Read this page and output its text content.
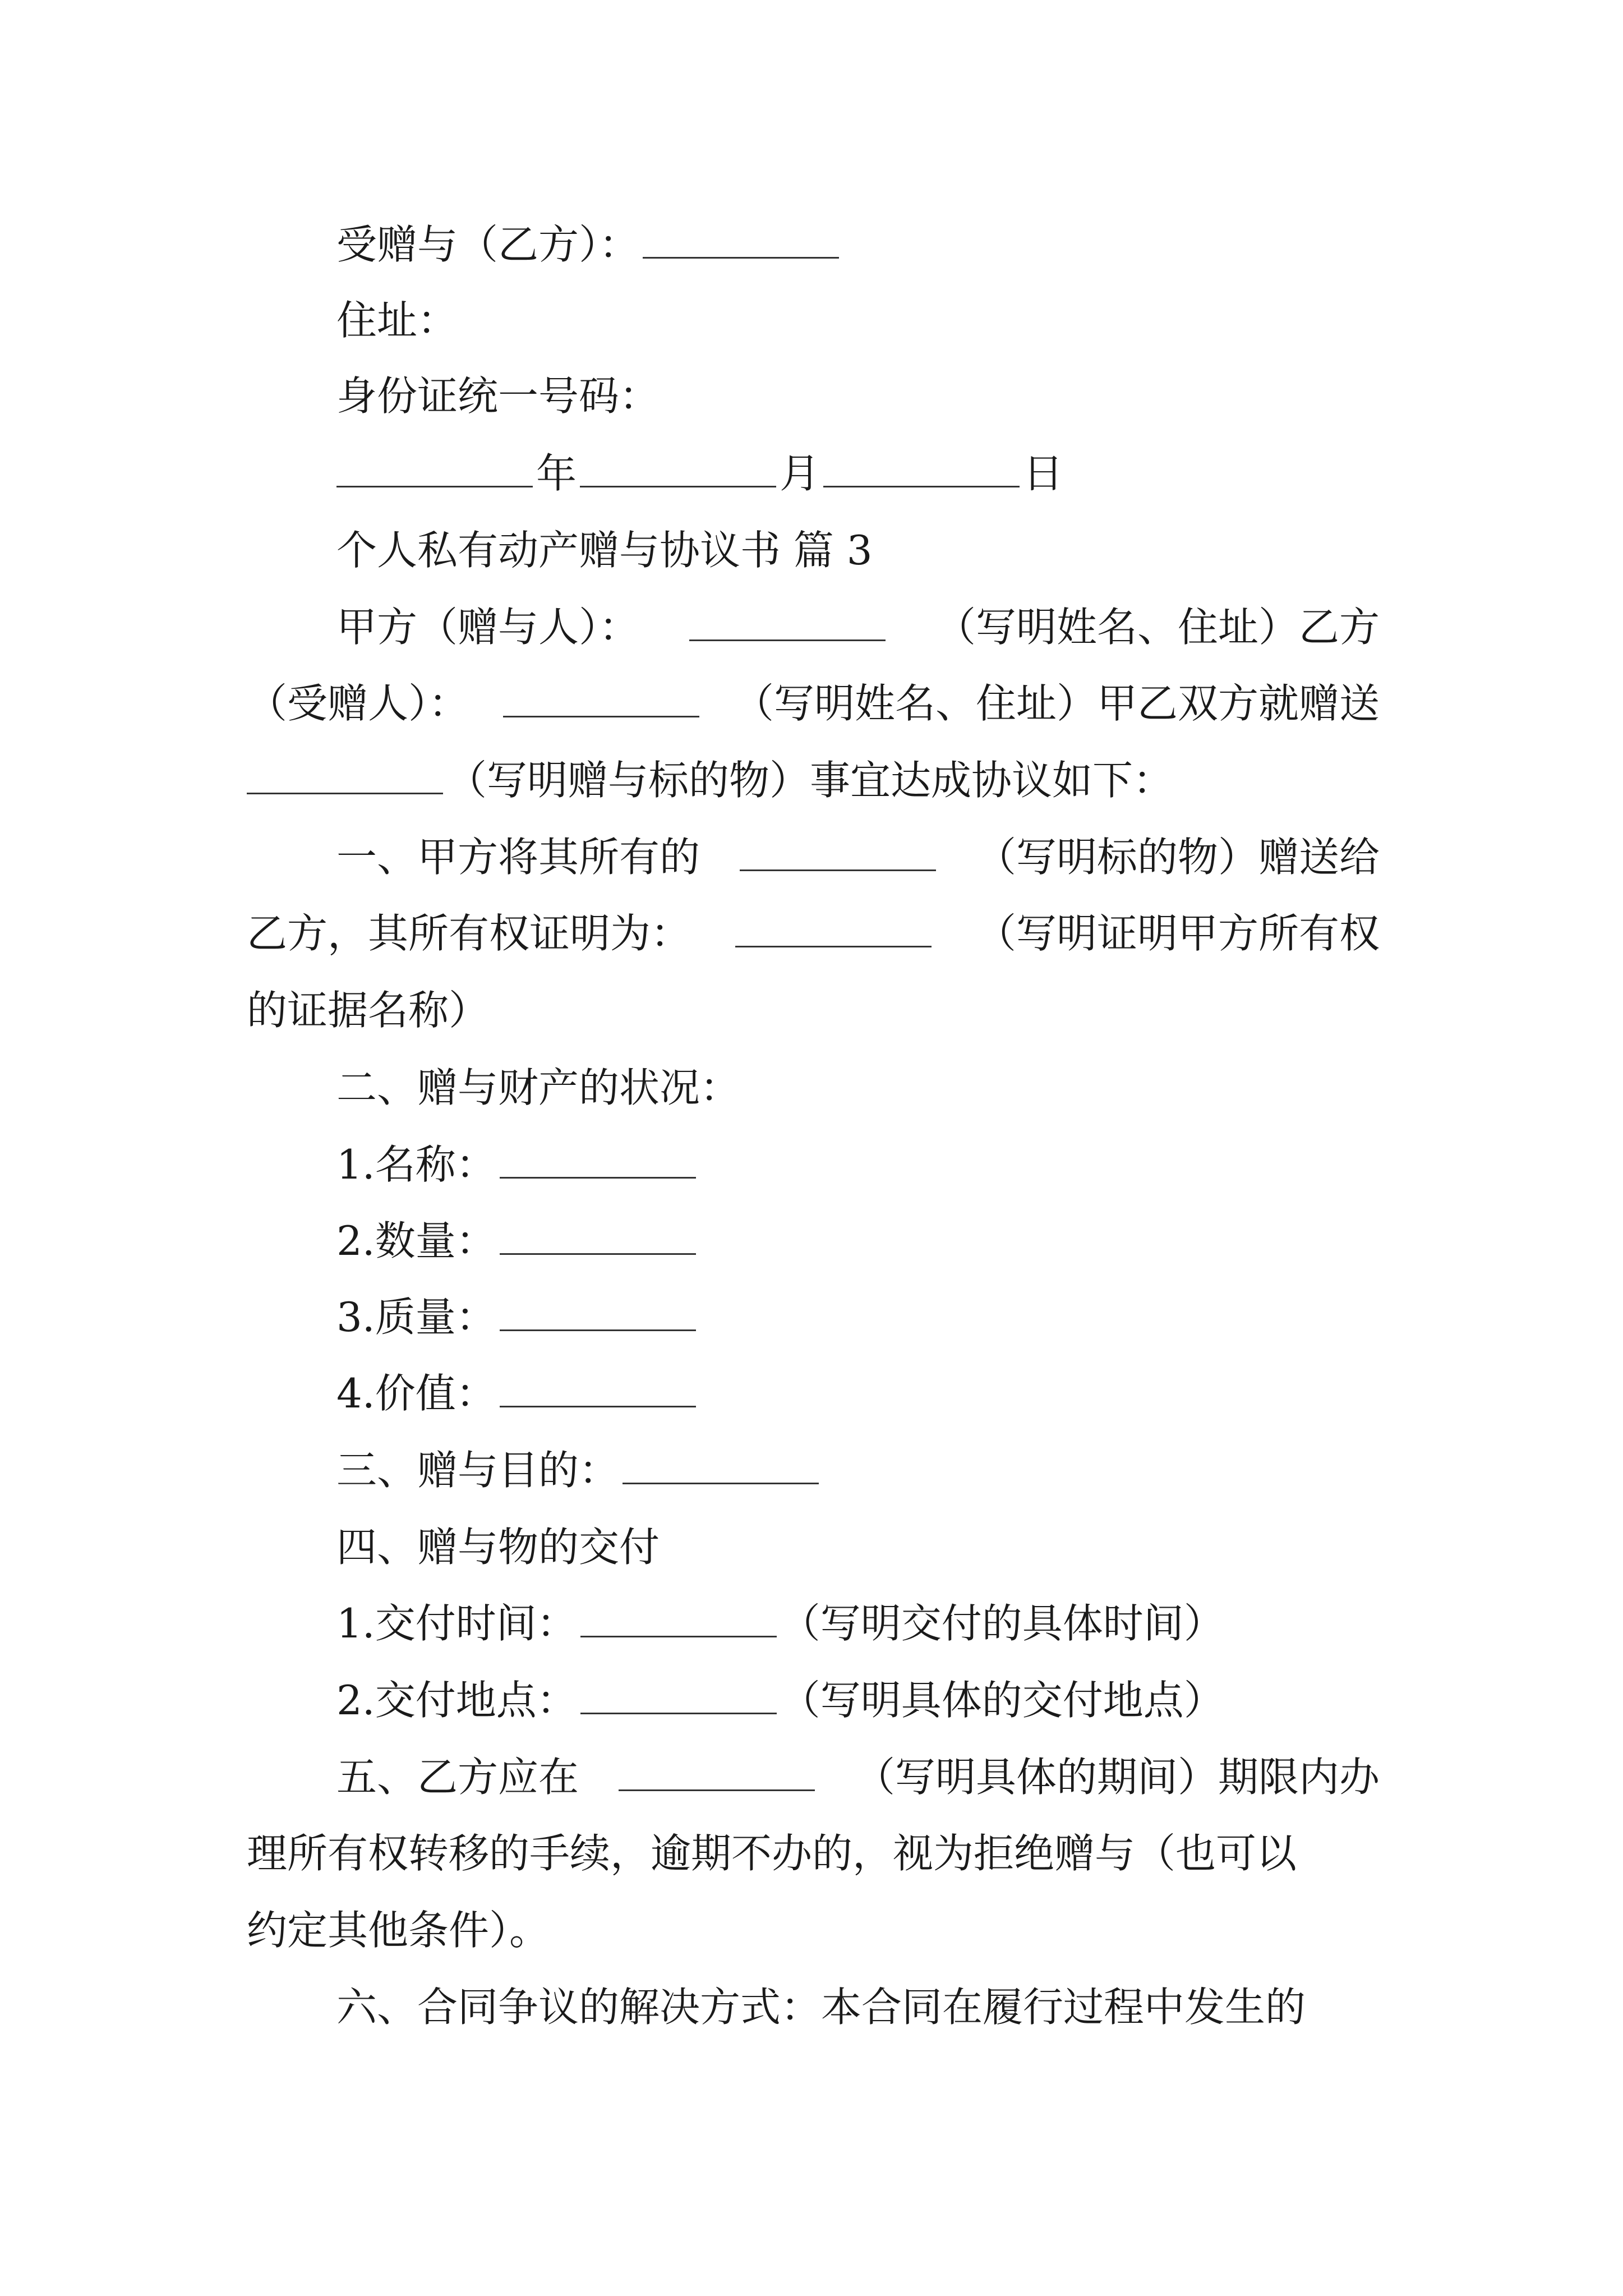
受赠与（乙方）：
住址：
身份证统一号码：
年	月	日
个人私有动产赠与协议书 篇 3
甲方（赠与人）：	（写明姓名、住址）乙方
（受赠人）：	（写明姓名、住址）甲乙双方就赠送
（写明赠与标的物）事宜达成协议如下：
一、甲方将其所有的	（写明标的物）赠送给
乙方，其所有权证明为：	（写明证明甲方所有权
的证据名称）
二、赠与财产的状况：
1.名称：
2.数量：
3.质量：
4.价值：
三、赠与目的：
四、赠与物的交付
1.交付时间：	（写明交付的具体时间）
2.交付地点：	（写明具体的交付地点）
五、乙方应在	（写明具体的期间）期限内办
理所有权转移的手续，逾期不办的，视为拒绝赠与（也可以
约定其他条件）。
六、合同争议的解决方式：本合同在履行过程中发生的
